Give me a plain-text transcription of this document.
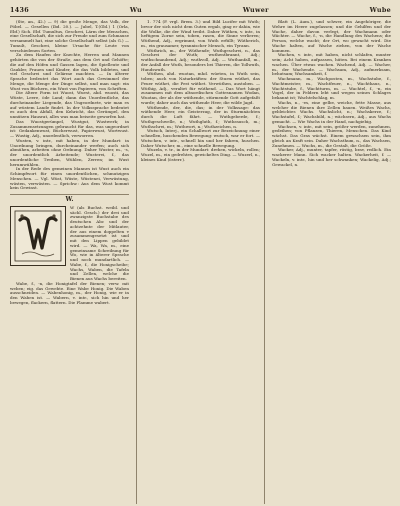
1436	Wu	Wuwer	Wube

(Ste, an., 42.) — 9) die große Menge, das Volk, der Pöbel. — Gesellen (Ibd. 20.). — Jubel, T.(Gbl.) 1 (Orla, Ebf.) Sich. Ebf. Tumultus, Geschrei, Lärm der Menschen, eine Gesellschaft, die sich zur Freude und zum Schmause versammelt hat, eine solche Gesellschaft selbst (als G.) — Tumult, Geschrei, kleine Ursache für Leute von verschiedenen Sorten.

Zu dem Haufen der Knechte, Herren und Mannen gehörten die von der Straße, aus dem Ort und Gehöfte; die auf den Höfen und Gassen lagen, die Spielleute und Gaukler, Frauen und Kinder, die das Volk bildeten, und viel Geschrei und Gelärme machten. — In älterer Sprache bedeutet das Wort auch das Gewimmel der Menge, die Menge der Dinge selbst, und man sagt: ein Wust von Büchern, ein Wust von Papieren, von Schriften.

Die ältere Form ist Wuost, Wuest, ahd. wuosti, das Wüste, Leere, öde Land; dann das Unordentliche, das durcheinander Liegende, das Ungeordnete, wie man es auf wüstem Lande findet. In der Volkssprache bedeutet es auch den Abfall, den Kehricht, das Gerümpel, den unnützen Hausrat, alles was man beiseite geworfen hat.

Das Wuostgerümpel, Wustgut, Wustwerk; in Zusammensetzungen gebraucht für das, was ungeordnet ist: Gedankenwust, Bücherwust, Papierwust, Wortwust. — Wustig, Adj., unordentlich, verworren.

Wusten, v. intr., mit haben, in der Mundart: in Unordnung bringen, durcheinander werfen; auch sich abmühen, arbeiten ohne Ordnung. Daher Wuster, m., -s, der unordentlich Arbeitende; Wusterei, f., das unordentliche Treiben, Wühlen, Zerren; im Wust herumwühlen.

In der Rede des gemeinen Mannes ist Wust auch ein Schimpfwort für einen unordentlichen, schmutzigen Menschen. — Vgl. Wüst, Wüste, Wüstenei, Verwüstung, wüsten, verwüsten. — Sprichw.: Aus dem Wust kommt kein Gewinst.

W.
W (als Buchst. weibl. und sächl. Gesch.) der drei und zwanzigste Buchstabe des deutschen Abc und der achtzehnte der Mitlauter, der aus einem doppelten v zusammengesetzt ist und mit den Lippen gebildet wird. — Wa, Wa, m., eine gemeinsame Schreibung für Wo, wie in älterer Sprache und noch mundartlich. — Wabe, f., die Honigscheibe; Wachs, Waben, die Tafeln und Zellen, welche die Bienen aus Wachs bereiten.

Wabe, f., -n, die Honigtafel der Bienen; verw. mit weben; eig. das Gewebte. Eine Wabe Honig. Die Waben ausschneiden. — Wabenhonig, m., der Honig, wie er in den Waben ist. — Wabern, v. intr., sich hin und her bewegen, flackern, flattern. Die Flamme wabert.

1. 774 (F. vrgl. Brem. 3.) und Bild Lucifer mit Wuth; bevor der sich nicht dem Guten ergab, ging er dahin, wie die Wolke, die der Wind treibt. Daher Wüthen, v. intr., in heftigem Zorne sein, toben, rasen, die Sinne verlieren; Wüthend, Adj., ergrimmt, von Wuth erfüllt; Wütherich, m., ein grausamer, tyrannischer Mensch, ein Tyrann.

Wüthrich, m., der Wüthende; Wuthgeschrei, n., das Geschrei der Wuth; wuthentbrannt, Adj.; wuthschnaubend, Adj.; wuthvoll, Adj. — Wuthanfall, m., der Anfall der Wuth, besonders bei Thieren, die Tollwuth, Hundswuth.

Wüthen, ahd. wuotan, mhd. wüeten, in Wuth sein, toben; auch von Naturkräften: der Sturm wüthet, das Feuer wüthet, die Pest wüthet. Verwüthen, austoben. — Wüthig, Adj., veraltet für wüthend. — Das Wort hängt zusammen mit dem altnordischen Gottesnamen Wodan, Wuotan, der als der wüthende, stürmende Gott aufgefaßt wurde; daher auch das wüthende Heer, die wilde Jagd.

Wüthende, der, die, das; in der Volkssage: das wüthende Heer, ein Geisterzug, der in Sturmnächten durch die Luft fährt. — Wuthgeberde, f.; Wuthgeschwelle, n.; Wuthgluth, f.; Wuthrausch, m.; Wuthschrei, m.; Wuthwort, n.; Wuthzeichen, n.

Wutsch, Interj., ein Schallwort zur Bezeichnung einer schnellen, huschenden Bewegung: wutsch, war er fort. — Wutschen, v. intr., schnell hin und her fahren, huschen. Daher Wutscher, m., eine schnelle Bewegung.

Wuzeln, v. tr., in der Mundart: drehen, wickeln, rollen; Wuzel, m., ein gedrehtes, gewickeltes Ding. — Wuzerl, n., kleines Kind (österr.).

Blatt (L. Aum.), und schwer, ein Angehöriger, die Wehre im Heere zugelassen; und die Gehilfen und der Wache, daher davon verlegt, der Wachmann oder Wächter. — Wache, f., -n, die Handlung des Wachens; die Person, welche wacht; der Ort, wo gewacht wird. Die Wache halten, auf Wache ziehen, von der Wache kommen.

Wachen, v. intr., mit haben, nicht schlafen, munter sein; Acht haben, aufpassen, hüten. Bei einem Kranken wachen. Über etwas wachen. Wachend, Adj. — Wacher, m., der Wachende. — Wachsam, Adj., aufmerksam, behutsam; Wachsamkeit, f.

Wachmann, m., Wachposten, m., Wachstube, f., Wachtmeister, m., Wachtfeuer, n., Wachthaus, n., Wachtstube, f., Wachtturm, m. — Wachtel, f., -n, ein Vogel, der in Feldern lebt und wegen seines Schlages bekannt ist; Wachtelschlag, m.

Wachs, n., -es, eine gelbe, weiche, fette Masse, aus welcher die Bienen ihre Zellen bauen. Weißes Wachs, gebleichtes Wachs. Wachslicht, n.; Wachskerze, f.; Wachstafel, f.; Wachsbild, n.; wächsern, Adj., aus Wachs gemacht. — Wie Wachs in der Hand, nachgiebig.

Wachsen, v. intr., mit sein, größer werden, zunehmen, gedeihen; von Pflanzen, Thieren, Menschen. Das Kind wächst. Das Gras wächst. Einem gewachsen sein, ihm gleich an Kraft sein. Daher Wachsthum, n., das Wachsen, Zunehmen. — Wuchs, m., die Gestalt, die Größe.

Wacker, Adj., munter, tapfer, rüstig, brav, redlich. Ein wackerer Mann. Sich wacker halten. Wackerheit, f. — Wackeln, v. intr., hin und her schwanken; Wackelig, Adj.; Gewackel, n.
